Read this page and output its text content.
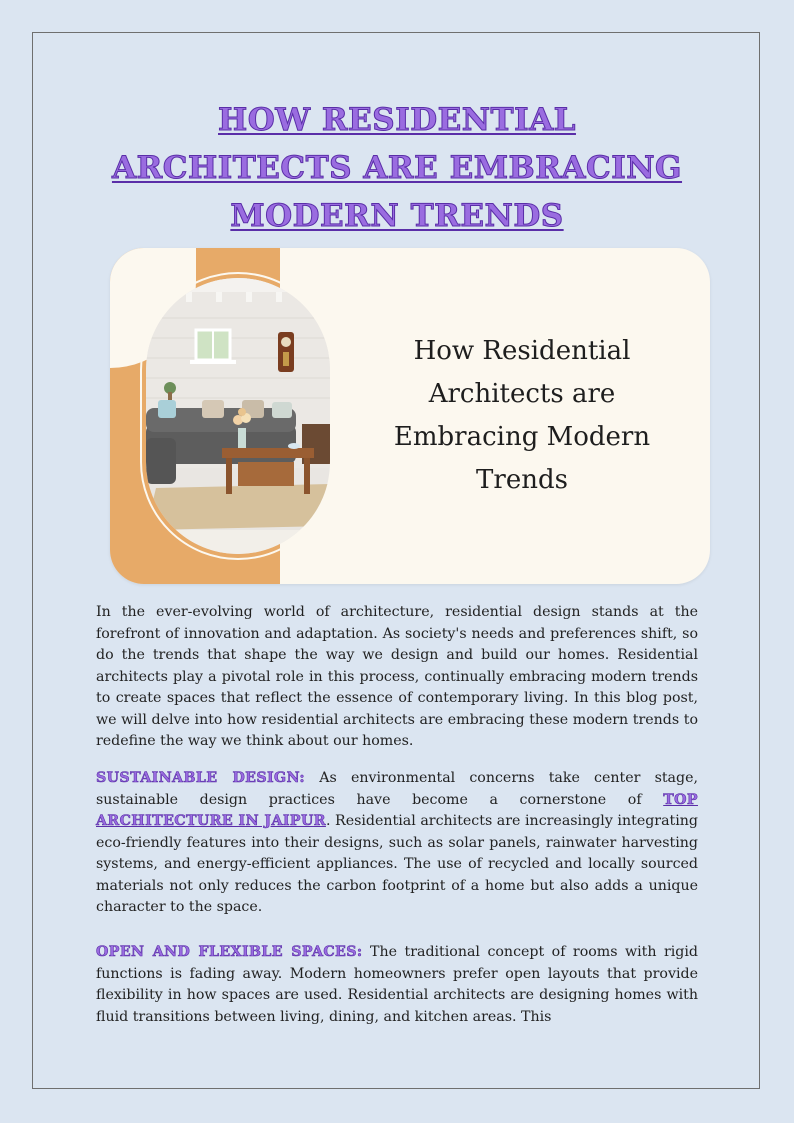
HOW RESIDENTIAL
ARCHITECTS ARE EMBRACING
MODERN TRENDS
How Residential
Architects are
Embracing Modern
Trends

In the ever-evolving world of architecture, residential design stands at the forefront of innovation and adaptation. As society's needs and preferences shift, so do the trends that shape the way we design and build our homes. Residential architects play a pivotal role in this process, continually embracing modern trends to create spaces that reflect the essence of contemporary living. In this blog post, we will delve into how residential architects are embracing these modern trends to redefine the way we think about our homes.

SUSTAINABLE DESIGN: As environmental concerns take center stage, sustainable design practices have become a cornerstone of TOP ARCHITECTURE IN JAIPUR. Residential architects are increasingly integrating eco-friendly features into their designs, such as solar panels, rainwater harvesting systems, and energy-efficient appliances. The use of recycled and locally sourced materials not only reduces the carbon footprint of a home but also adds a unique character to the space.

OPEN AND FLEXIBLE SPACES: The traditional concept of rooms with rigid functions is fading away. Modern homeowners prefer open layouts that provide flexibility in how spaces are used. Residential architects are designing homes with fluid transitions between living, dining, and kitchen areas. This
